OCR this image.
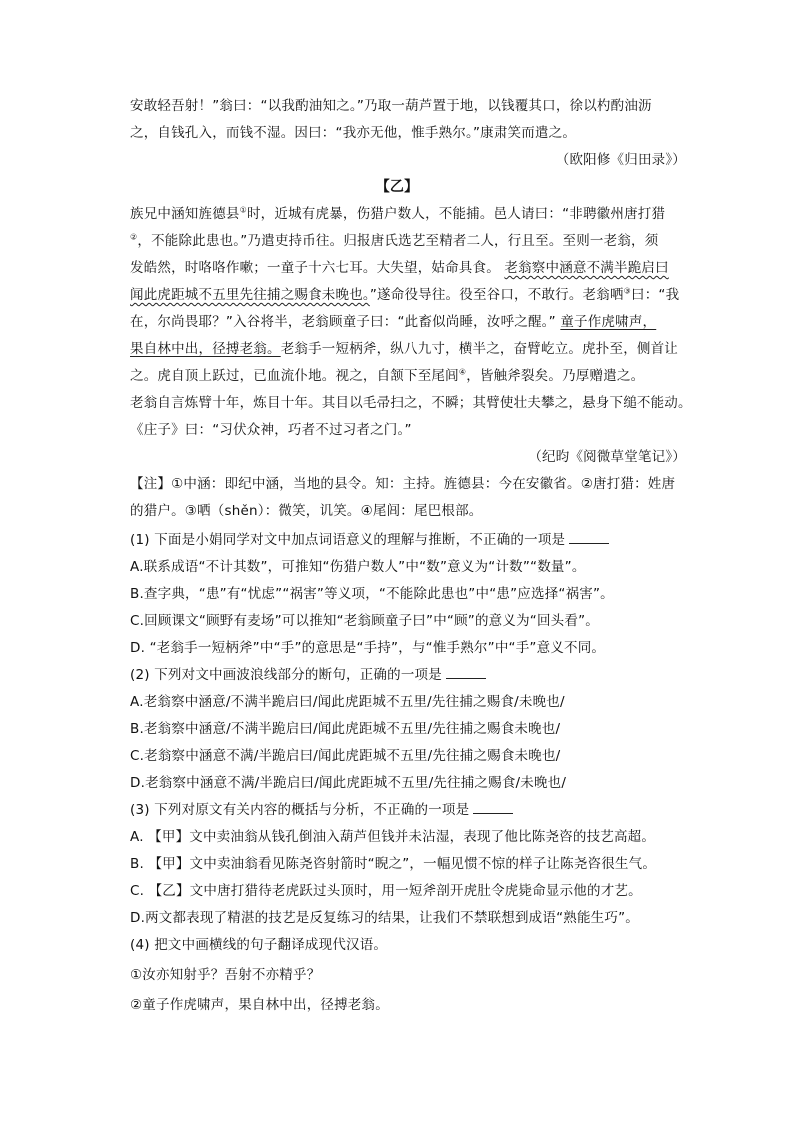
安敢轻吾射！”翁曰：“以我酌油知之。”乃取一葫芦置于地，以钱覆其口，徐以杓酌油沥
之，自钱孔入，而钱不湿。因曰：“我亦无他，惟手熟尔。”康肃笑而遣之。
（欧阳修《归田录》）
【乙】
族兄中涵知旌德县①时，近城有虎暴，伤猎户数人，不能捕。邑人请曰：“非聘徽州唐打猎
②，不能除此患也。”乃遣吏持币往。归报唐氏选艺至精者二人，行且至。至则一老翁，须
发皓然，时咯咯作嗽；一童子十六七耳。大失望，姑命具食。 老翁察中涵意不满半跪启曰
闻此虎距城不五里先往捕之赐食未晚也。”遂命役导往。役至谷口，不敢行。老翁哂③曰：“我
在，尔尚畏耶？”入谷将半，老翁顾童子曰：“此畜似尚睡，汝呼之醒。” 童子作虎啸声，
果自林中出，径搏老翁。老翁手一短柄斧，纵八九寸，横半之，奋臂屹立。虎扑至，侧首让
之。虎自顶上跃过，已血流仆地。视之，自颔下至尾闾④，皆触斧裂矣。乃厚赠遣之。
老翁自言炼臂十年，炼目十年。其目以毛帚扫之，不瞬；其臂使壮夫攀之，悬身下缒不能动。
《庄子》曰：“习伏众神，巧者不过习者之门。”
（纪昀《阅微草堂笔记》）
【注】①中涵：即纪中涵，当地的县令。知：主持。旌德县：今在安徽省。②唐打猎：姓唐
的猎户。③哂（shěn）：微笑，讥笑。④尾闾：尾巴根部。
(1) 下面是小娟同学对文中加点词语意义的理解与推断，不正确的一项是
A.联系成语“不计其数”，可推知“伤猎户数人”中“数”意义为“计数”“数量”。
B.查字典，“患”有“忧虑”“祸害”等义项，“不能除此患也”中“患”应选择“祸害”。
C.回顾课文“顾野有麦场”可以推知“老翁顾童子曰”中“顾”的意义为“回头看”。
D. “老翁手一短柄斧”中“手”的意思是“手持”，与“惟手熟尔”中“手”意义不同。
(2) 下列对文中画波浪线部分的断句，正确的一项是
A.老翁察中涵意/不满半跪启曰/闻此虎距城不五里/先往捕之赐食/未晚也/
B.老翁察中涵意/不满半跪启曰/闻此虎距城不五里/先往捕之赐食未晚也/
C.老翁察中涵意不满/半跪启曰/闻此虎距城不五里/先往捕之赐食未晚也/
D.老翁察中涵意不满/半跪启曰/闻此虎距城不五里/先往捕之赐食/未晚也/
(3) 下列对原文有关内容的概括与分析，不正确的一项是
A. 【甲】文中卖油翁从钱孔倒油入葫芦但钱并未沾湿，表现了他比陈尧咨的技艺高超。
B. 【甲】文中卖油翁看见陈尧咨射箭时“睨之”，一幅见惯不惊的样子让陈尧咨很生气。
C. 【乙】文中唐打猎待老虎跃过头顶时，用一短斧剖开虎肚令虎毙命显示他的才艺。
D.两文都表现了精湛的技艺是反复练习的结果，让我们不禁联想到成语“熟能生巧”。
(4) 把文中画横线的句子翻译成现代汉语。
①汝亦知射乎？吾射不亦精乎？
②童子作虎啸声，果自林中出，径搏老翁。
